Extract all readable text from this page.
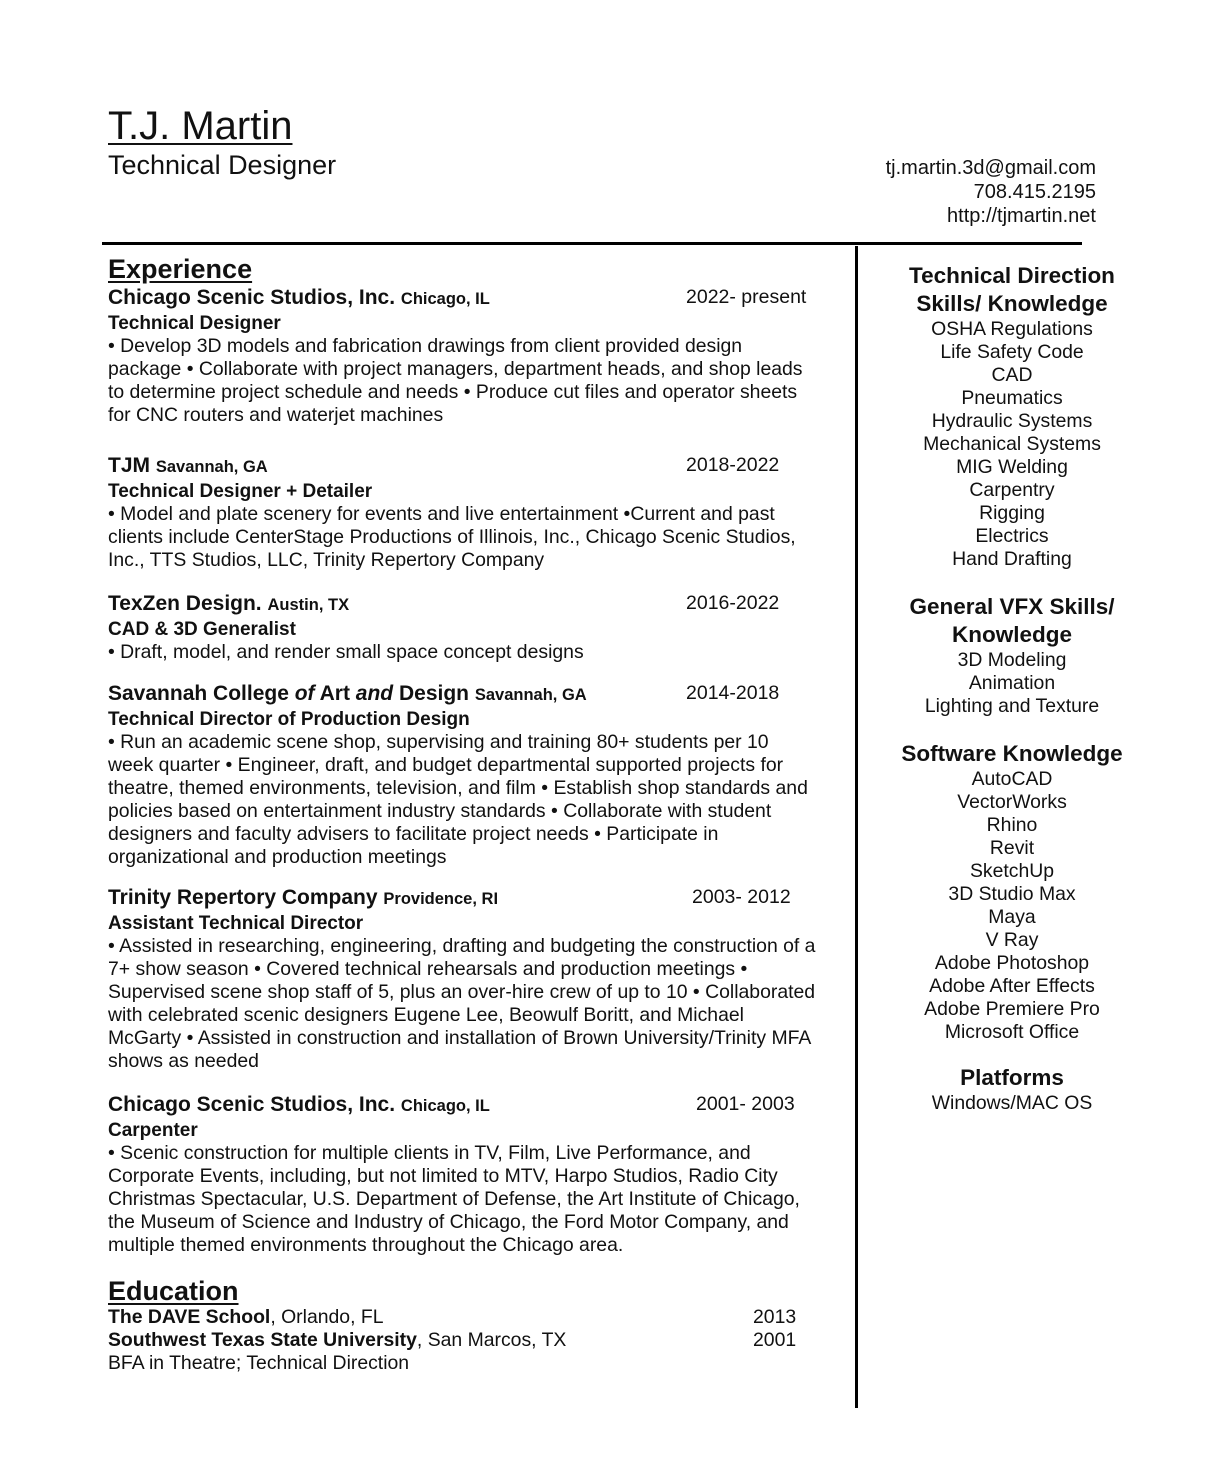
T.J. Martin
Technical Designer	tj.martin.3d@gmail.com
708.415.2195
http://tjmartin.net
Experience
Chicago Scenic Studios, Inc. Chicago, IL	2022- present
Technical Designer
• Develop 3D models and fabrication drawings from client provided design package • Collaborate with project managers, department heads, and shop leads to determine project schedule and needs • Produce cut files and operator sheets for CNC routers and waterjet machines
TJM Savannah, GA	2018-2022
Technical Designer + Detailer
• Model and plate scenery for events and live entertainment •Current and past clients include CenterStage Productions of Illinois, Inc., Chicago Scenic Studios, Inc., TTS Studios, LLC, Trinity Repertory Company
TexZen Design. Austin, TX	2016-2022
CAD & 3D Generalist
• Draft, model, and render small space concept designs
Savannah College of Art and Design Savannah, GA	2014-2018
Technical Director of Production Design
• Run an academic scene shop, supervising and training 80+ students per 10 week quarter • Engineer, draft, and budget departmental supported projects for theatre, themed environments, television, and film • Establish shop standards and policies based on entertainment industry standards • Collaborate with student designers and faculty advisers to facilitate project needs • Participate in organizational and production meetings
Trinity Repertory Company Providence, RI	2003- 2012
Assistant Technical Director
• Assisted in researching, engineering, drafting and budgeting the construction of a 7+ show season • Covered technical rehearsals and production meetings • Supervised scene shop staff of 5, plus an over-hire crew of up to 10 • Collaborated with celebrated scenic designers Eugene Lee, Beowulf Boritt, and Michael McGarty • Assisted in construction and installation of Brown University/Trinity MFA shows as needed
Chicago Scenic Studios, Inc. Chicago, IL	2001- 2003
Carpenter
• Scenic construction for multiple clients in TV, Film, Live Performance, and Corporate Events, including, but not limited to MTV, Harpo Studios, Radio City Christmas Spectacular, U.S. Department of Defense, the Art Institute of Chicago, the Museum of Science and Industry of Chicago, the Ford Motor Company, and multiple themed environments throughout the Chicago area.
Education
The DAVE School, Orlando, FL	2013
Southwest Texas State University, San Marcos, TX	2001
BFA in Theatre; Technical Direction
Technical Direction
Skills/ Knowledge
OSHA Regulations
Life Safety Code
CAD
Pneumatics
Hydraulic Systems
Mechanical Systems
MIG Welding
Carpentry
Rigging
Electrics
Hand Drafting
General VFX Skills/
Knowledge
3D Modeling
Animation
Lighting and Texture
Software Knowledge
AutoCAD
VectorWorks
Rhino
Revit
SketchUp
3D Studio Max
Maya
V Ray
Adobe Photoshop
Adobe After Effects
Adobe Premiere Pro
Microsoft Office
Platforms
Windows/MAC OS
